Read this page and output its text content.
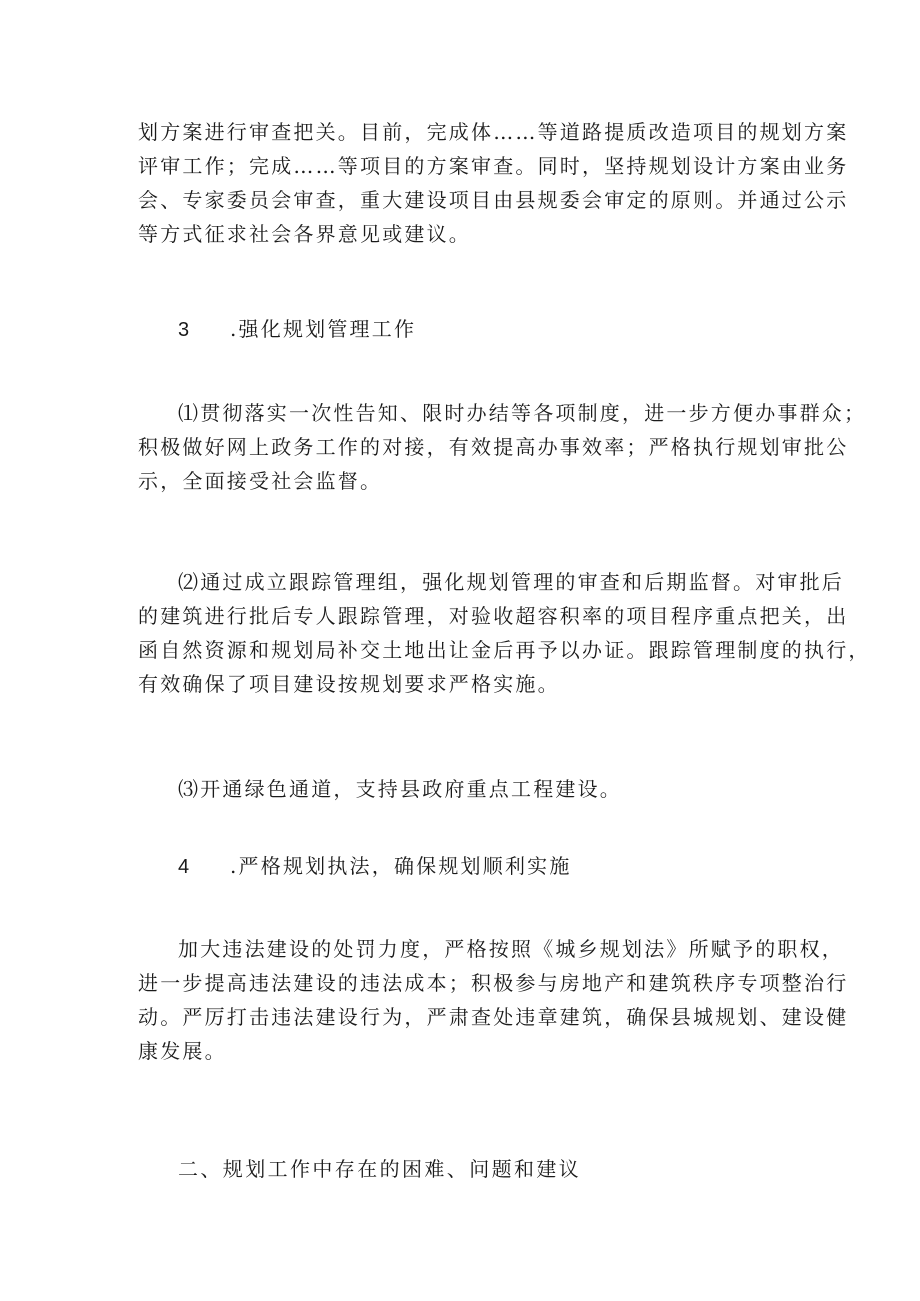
划方案进行审查把关。目前，完成体……等道路提质改造项目的规划方案
评审工作；完成……等项目的方案审查。同时，坚持规划设计方案由业务
会、专家委员会审查，重大建设项目由县规委会审定的原则。并通过公示
等方式征求社会各界意见或建议。
3 .强化规划管理工作
⑴贯彻落实一次性告知、限时办结等各项制度，进一步方便办事群众；
积极做好网上政务工作的对接，有效提高办事效率；严格执行规划审批公
示，全面接受社会监督。
⑵通过成立跟踪管理组，强化规划管理的审查和后期监督。对审批后
的建筑进行批后专人跟踪管理，对验收超容积率的项目程序重点把关，出
函自然资源和规划局补交土地出让金后再予以办证。跟踪管理制度的执行，
有效确保了项目建设按规划要求严格实施。
⑶开通绿色通道，支持县政府重点工程建设。
4 .严格规划执法，确保规划顺利实施
加大违法建设的处罚力度，严格按照《城乡规划法》所赋予的职权，
进一步提高违法建设的违法成本；积极参与房地产和建筑秩序专项整治行
动。严厉打击违法建设行为，严肃查处违章建筑，确保县城规划、建设健
康发展。
二、规划工作中存在的困难、问题和建议
